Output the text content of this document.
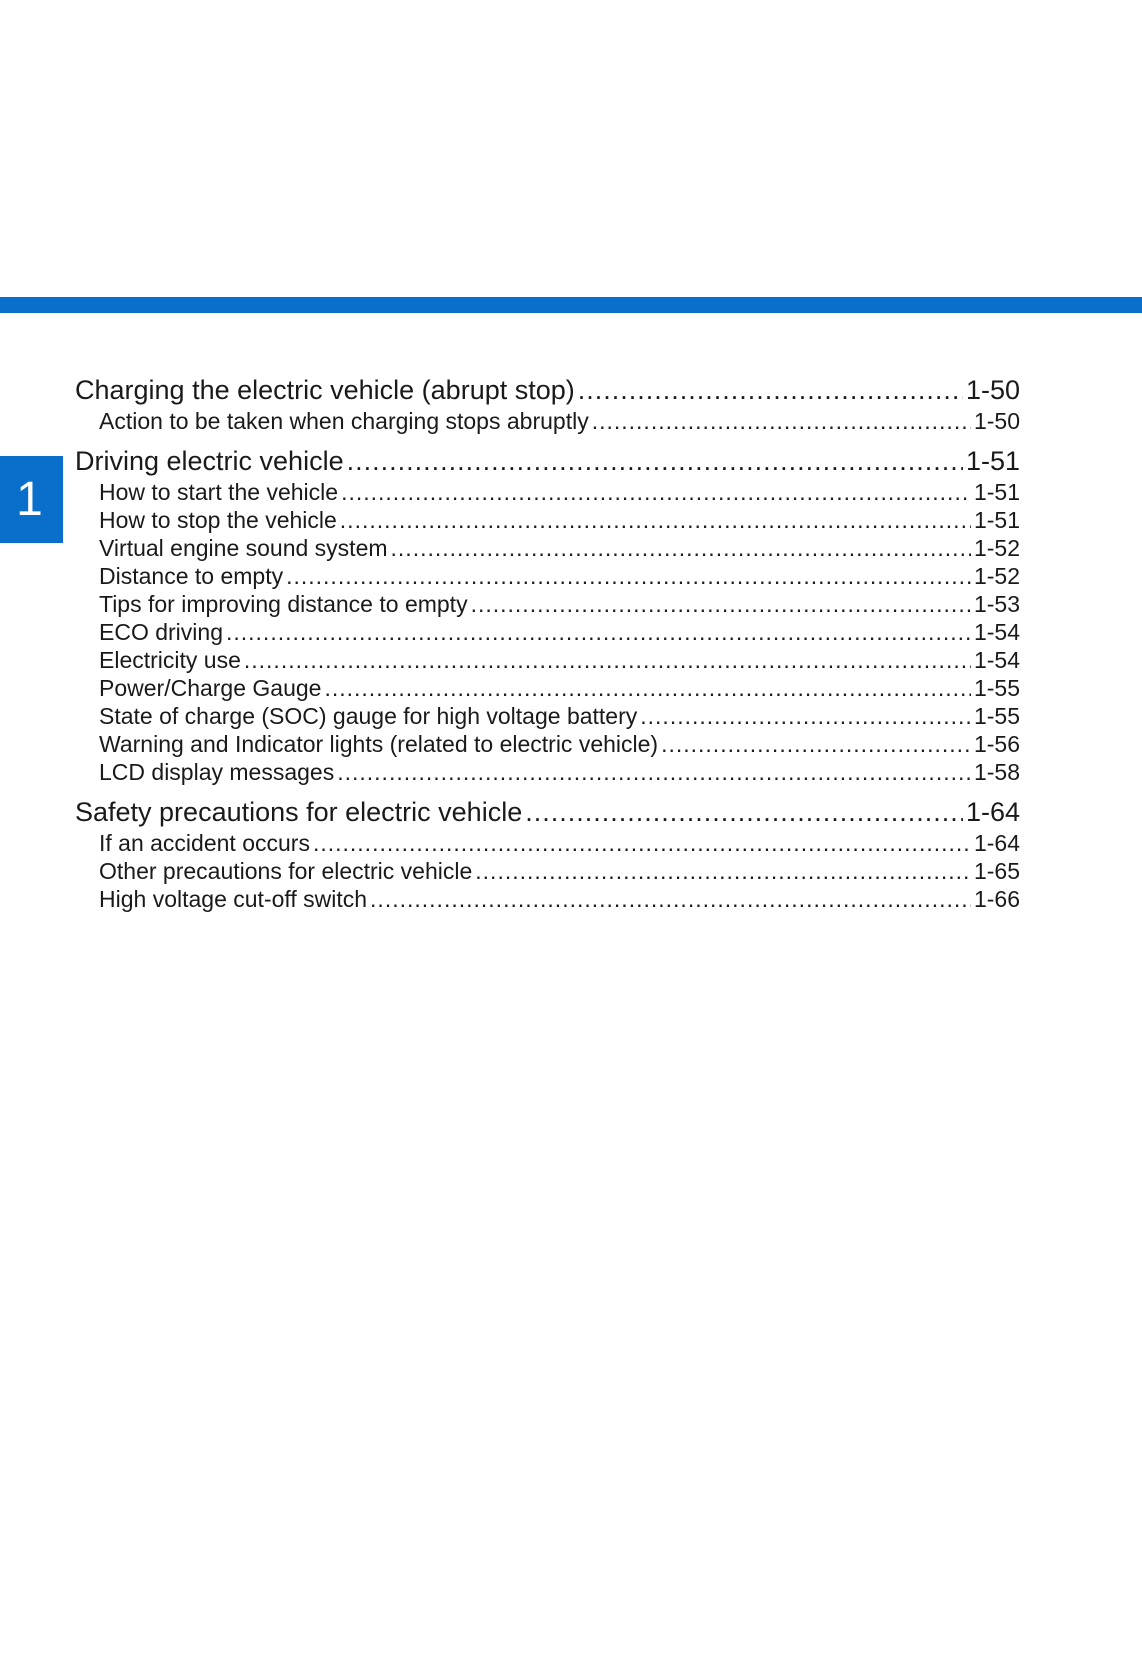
1
Charging the electric vehicle (abrupt stop) .....	1-50
Action to be taken when charging stops abruptly .....	1-50
Driving electric vehicle .....	1-51
How to start the vehicle .....	1-51
How to stop the vehicle .....	1-51
Virtual engine sound system .....	1-52
Distance to empty .....	1-52
Tips for improving distance to empty .....	1-53
ECO driving .....	1-54
Electricity use .....	1-54
Power/Charge Gauge .....	1-55
State of charge (SOC) gauge for high voltage battery .....	1-55
Warning and Indicator lights (related to electric vehicle) .....	1-56
LCD display messages .....	1-58
Safety precautions for electric vehicle .....	1-64
If an accident occurs .....	1-64
Other precautions for electric vehicle .....	1-65
High voltage cut-off switch .....	1-66
